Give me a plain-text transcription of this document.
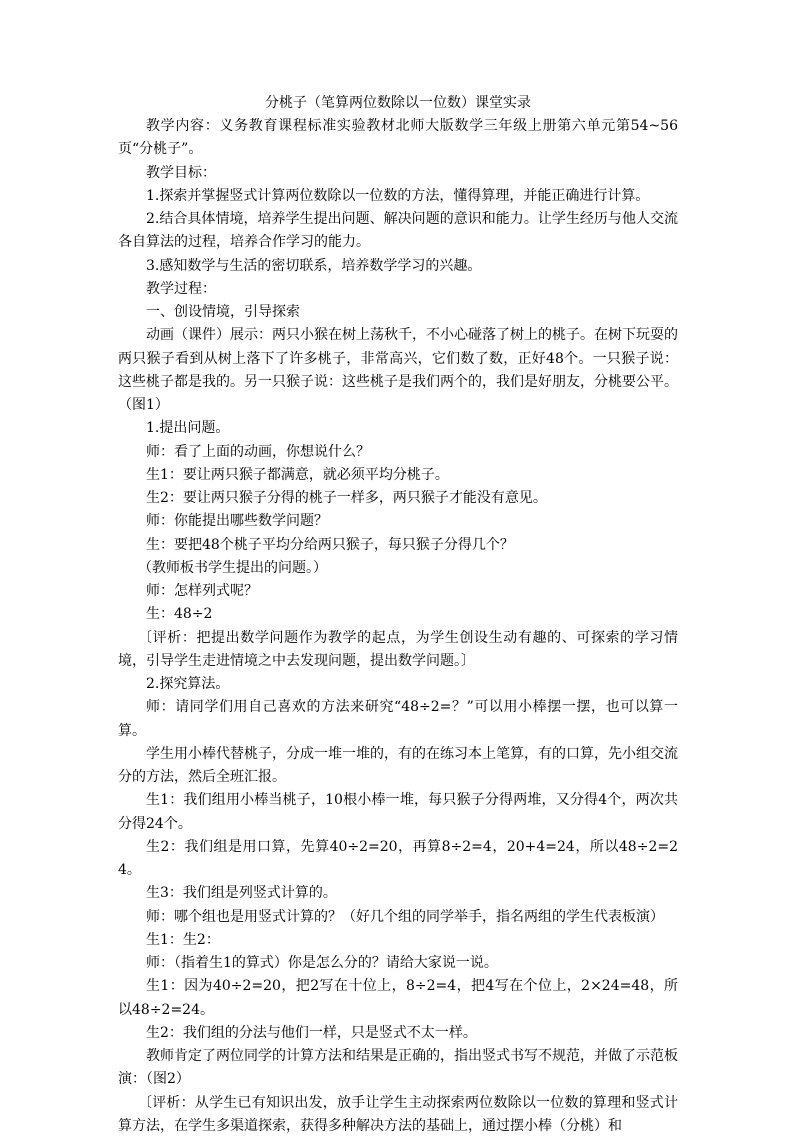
分桃子（笔算两位数除以一位数）课堂实录

教学内容：义务教育课程标准实验教材北师大版数学三年级上册第六单元第54~56页“分桃子”。

教学目标：

1.探索并掌握竖式计算两位数除以一位数的方法，懂得算理，并能正确进行计算。

2.结合具体情境，培养学生提出问题、解决问题的意识和能力。让学生经历与他人交流各自算法的过程，培养合作学习的能力。

3.感知数学与生活的密切联系，培养数学学习的兴趣。

教学过程：

一、创设情境，引导探索

动画（课件）展示：两只小猴在树上荡秋千，不小心碰落了树上的桃子。在树下玩耍的两只猴子看到从树上落下了许多桃子，非常高兴，它们数了数，正好48个。一只猴子说：这些桃子都是我的。另一只猴子说：这些桃子是我们两个的，我们是好朋友，分桃要公平。（图1）

1.提出问题。

师：看了上面的动画，你想说什么？

生1：要让两只猴子都满意，就必须平均分桃子。

生2：要让两只猴子分得的桃子一样多，两只猴子才能没有意见。

师：你能提出哪些数学问题？

生：要把48个桃子平均分给两只猴子，每只猴子分得几个？

（教师板书学生提出的问题。）

师：怎样列式呢？

生：48÷2

〔评析：把提出数学问题作为教学的起点，为学生创设生动有趣的、可探索的学习情境，引导学生走进情境之中去发现问题，提出数学问题。〕

2.探究算法。

师：请同学们用自己喜欢的方法来研究“48÷2=？”可以用小棒摆一摆，也可以算一算。

学生用小棒代替桃子，分成一堆一堆的，有的在练习本上笔算，有的口算，先小组交流分的方法，然后全班汇报。

生1：我们组用小棒当桃子，10根小棒一堆，每只猴子分得两堆，又分得4个，两次共分得24个。

生2：我们组是用口算，先算40÷2=20，再算8÷2=4，20+4=24，所以48÷2=24。

生3：我们组是列竖式计算的。

师：哪个组也是用竖式计算的？（好几个组的同学举手，指名两组的学生代表板演）

生1：生2：

师：（指着生1的算式）你是怎么分的？请给大家说一说。

生1：因为40÷2=20，把2写在十位上，8÷2=4，把4写在个位上，2×24=48，所以48÷2=24。

生2：我们组的分法与他们一样，只是竖式不太一样。

教师肯定了两位同学的计算方法和结果是正确的，指出竖式书写不规范，并做了示范板演：（图2）

〔评析：从学生已有知识出发，放手让学生主动探索两位数除以一位数的算理和竖式计算方法，在学生多渠道探索，获得多种解决方法的基础上，通过摆小棒（分桃）和
